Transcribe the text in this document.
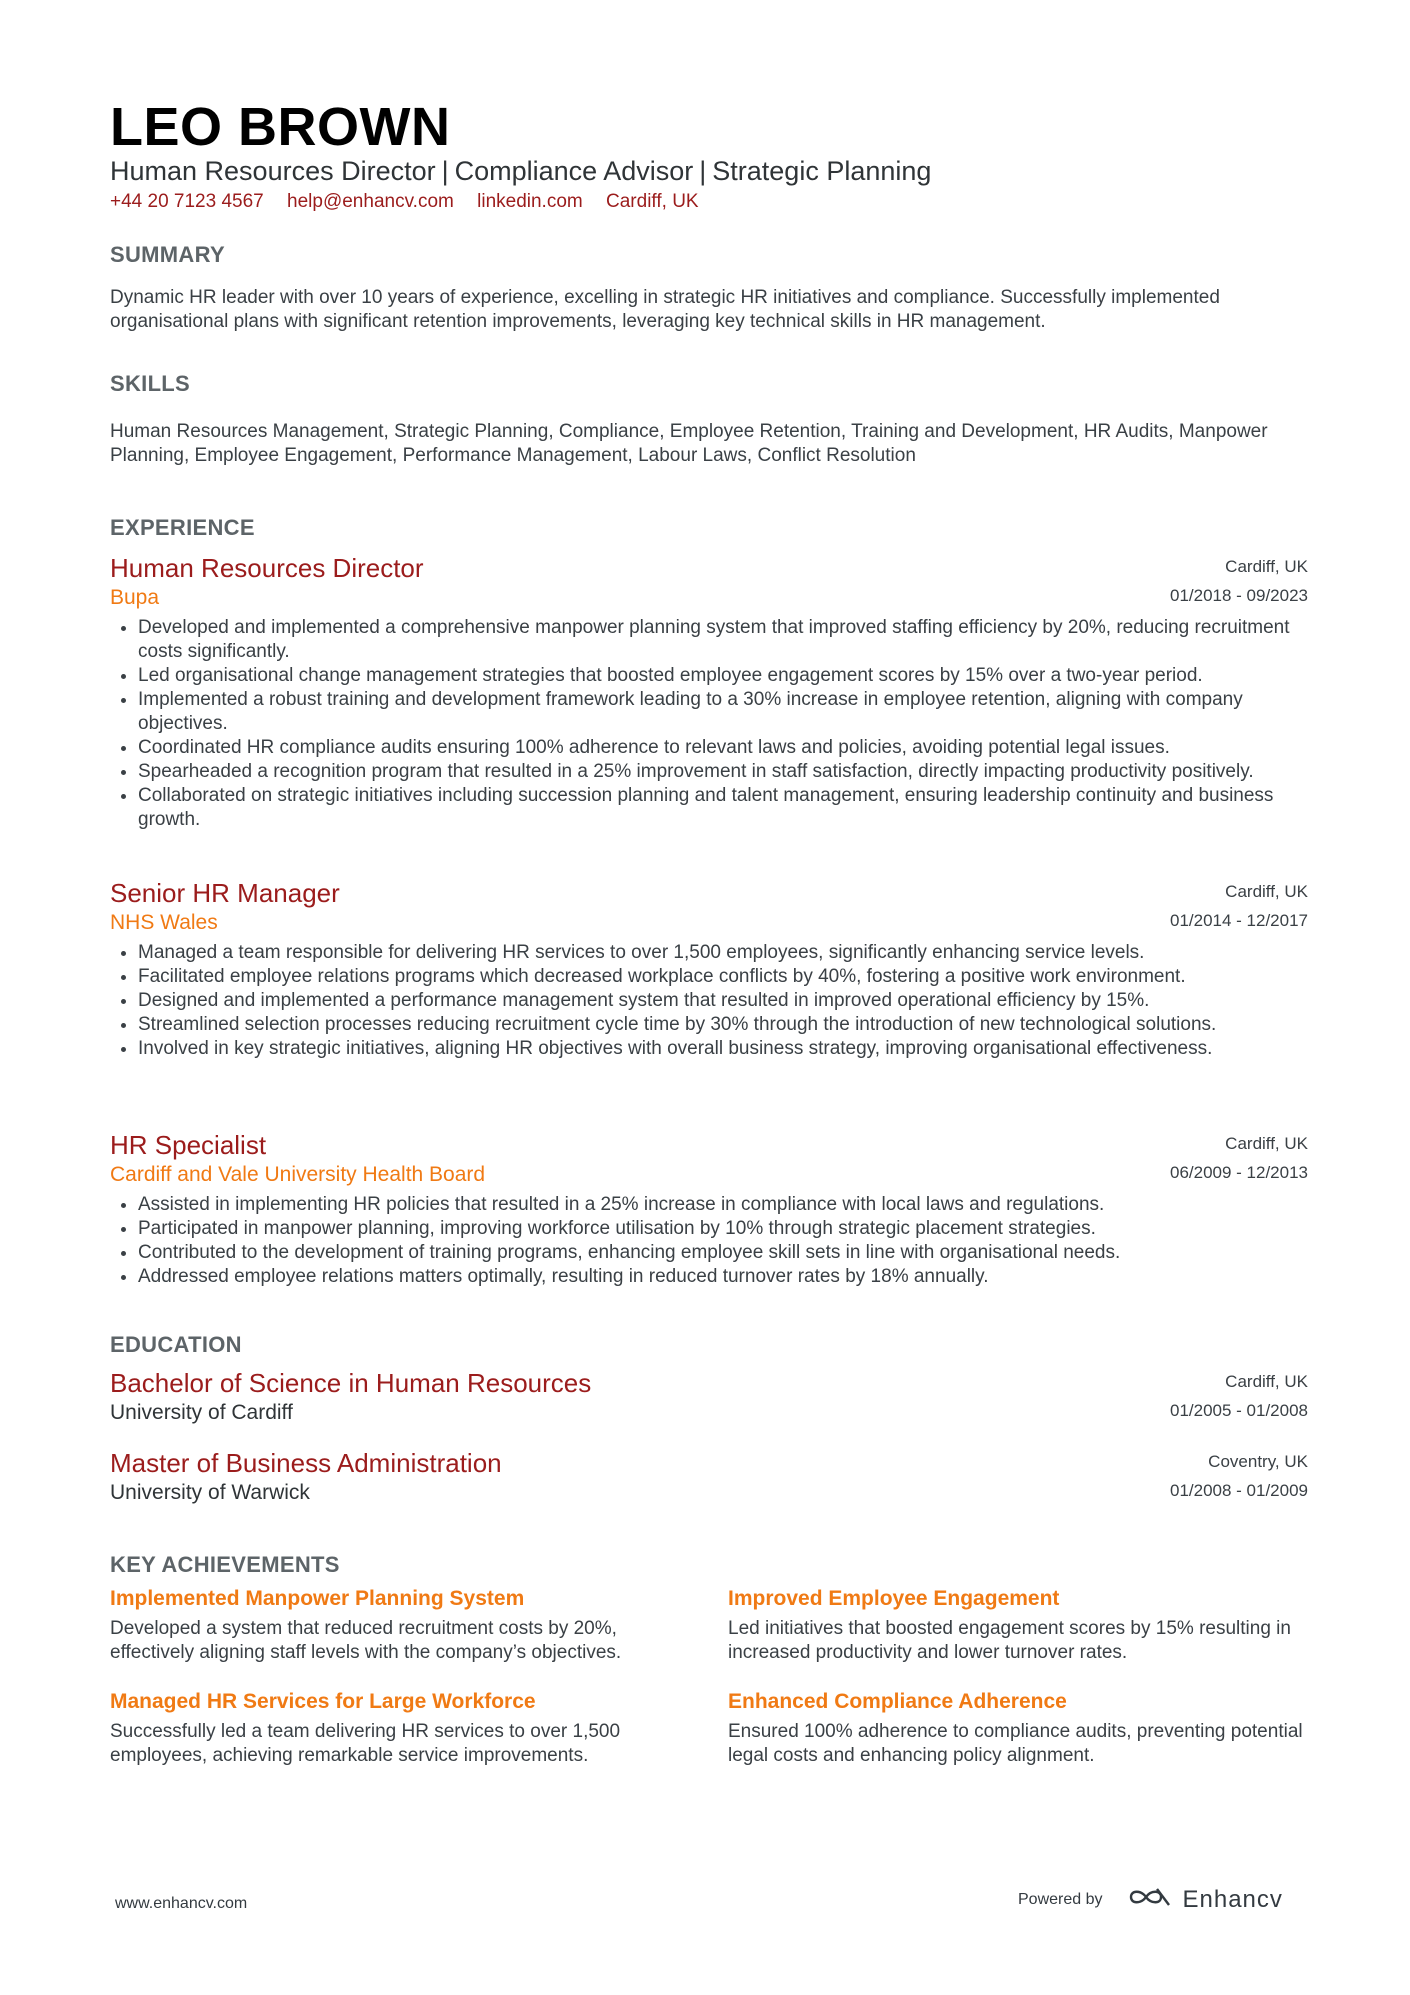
LEO BROWN
Human Resources Director | Compliance Advisor | Strategic Planning
+44 20 7123 4567 help@enhancv.com linkedin.com Cardiff, UK
SUMMARY
Dynamic HR leader with over 10 years of experience, excelling in strategic HR initiatives and compliance. Successfully implemented organisational plans with significant retention improvements, leveraging key technical skills in HR management.
SKILLS
Human Resources Management , Strategic Planning , Compliance , Employee Retention , Training and Development , HR Audits , Manpower Planning , Employee Engagement , Performance Management , Labour Laws , Conflict Resolution
EXPERIENCE
Human Resources Director
Bupa
Cardiff, UK
01/2018 - 09/2023
• Developed and implemented a comprehensive manpower planning system that improved staffing efficiency by 20%, reducing recruitment costs significantly.
• Led organisational change management strategies that boosted employee engagement scores by 15% over a two-year period.
• Implemented a robust training and development framework leading to a 30% increase in employee retention, aligning with company objectives.
• Coordinated HR compliance audits ensuring 100% adherence to relevant laws and policies, avoiding potential legal issues.
• Spearheaded a recognition program that resulted in a 25% improvement in staff satisfaction, directly impacting productivity positively.
• Collaborated on strategic initiatives including succession planning and talent management, ensuring leadership continuity and business growth.
Senior HR Manager
NHS Wales
Cardiff, UK
01/2014 - 12/2017
• Managed a team responsible for delivering HR services to over 1,500 employees, significantly enhancing service levels.
• Facilitated employee relations programs which decreased workplace conflicts by 40%, fostering a positive work environment.
• Designed and implemented a performance management system that resulted in improved operational efficiency by 15%.
• Streamlined selection processes reducing recruitment cycle time by 30% through the introduction of new technological solutions.
• Involved in key strategic initiatives, aligning HR objectives with overall business strategy, improving organisational effectiveness.
HR Specialist
Cardiff and Vale University Health Board
Cardiff, UK
06/2009 - 12/2013
• Assisted in implementing HR policies that resulted in a 25% increase in compliance with local laws and regulations.
• Participated in manpower planning, improving workforce utilisation by 10% through strategic placement strategies.
• Contributed to the development of training programs, enhancing employee skill sets in line with organisational needs.
• Addressed employee relations matters optimally, resulting in reduced turnover rates by 18% annually.
EDUCATION
Bachelor of Science in Human Resources
University of Cardiff
Cardiff, UK
01/2005 - 01/2008
Master of Business Administration
University of Warwick
Coventry, UK
01/2008 - 01/2009
KEY ACHIEVEMENTS
Implemented Manpower Planning System
Developed a system that reduced recruitment costs by 20%, effectively aligning staff levels with the company’s objectives.
Improved Employee Engagement
Led initiatives that boosted engagement scores by 15% resulting in increased productivity and lower turnover rates.
Managed HR Services for Large Workforce
Successfully led a team delivering HR services to over 1,500 employees, achieving remarkable service improvements.
Enhanced Compliance Adherence
Ensured 100% adherence to compliance audits, preventing potential legal costs and enhancing policy alignment.
www.enhancv.com	Powered by	Enhancv
